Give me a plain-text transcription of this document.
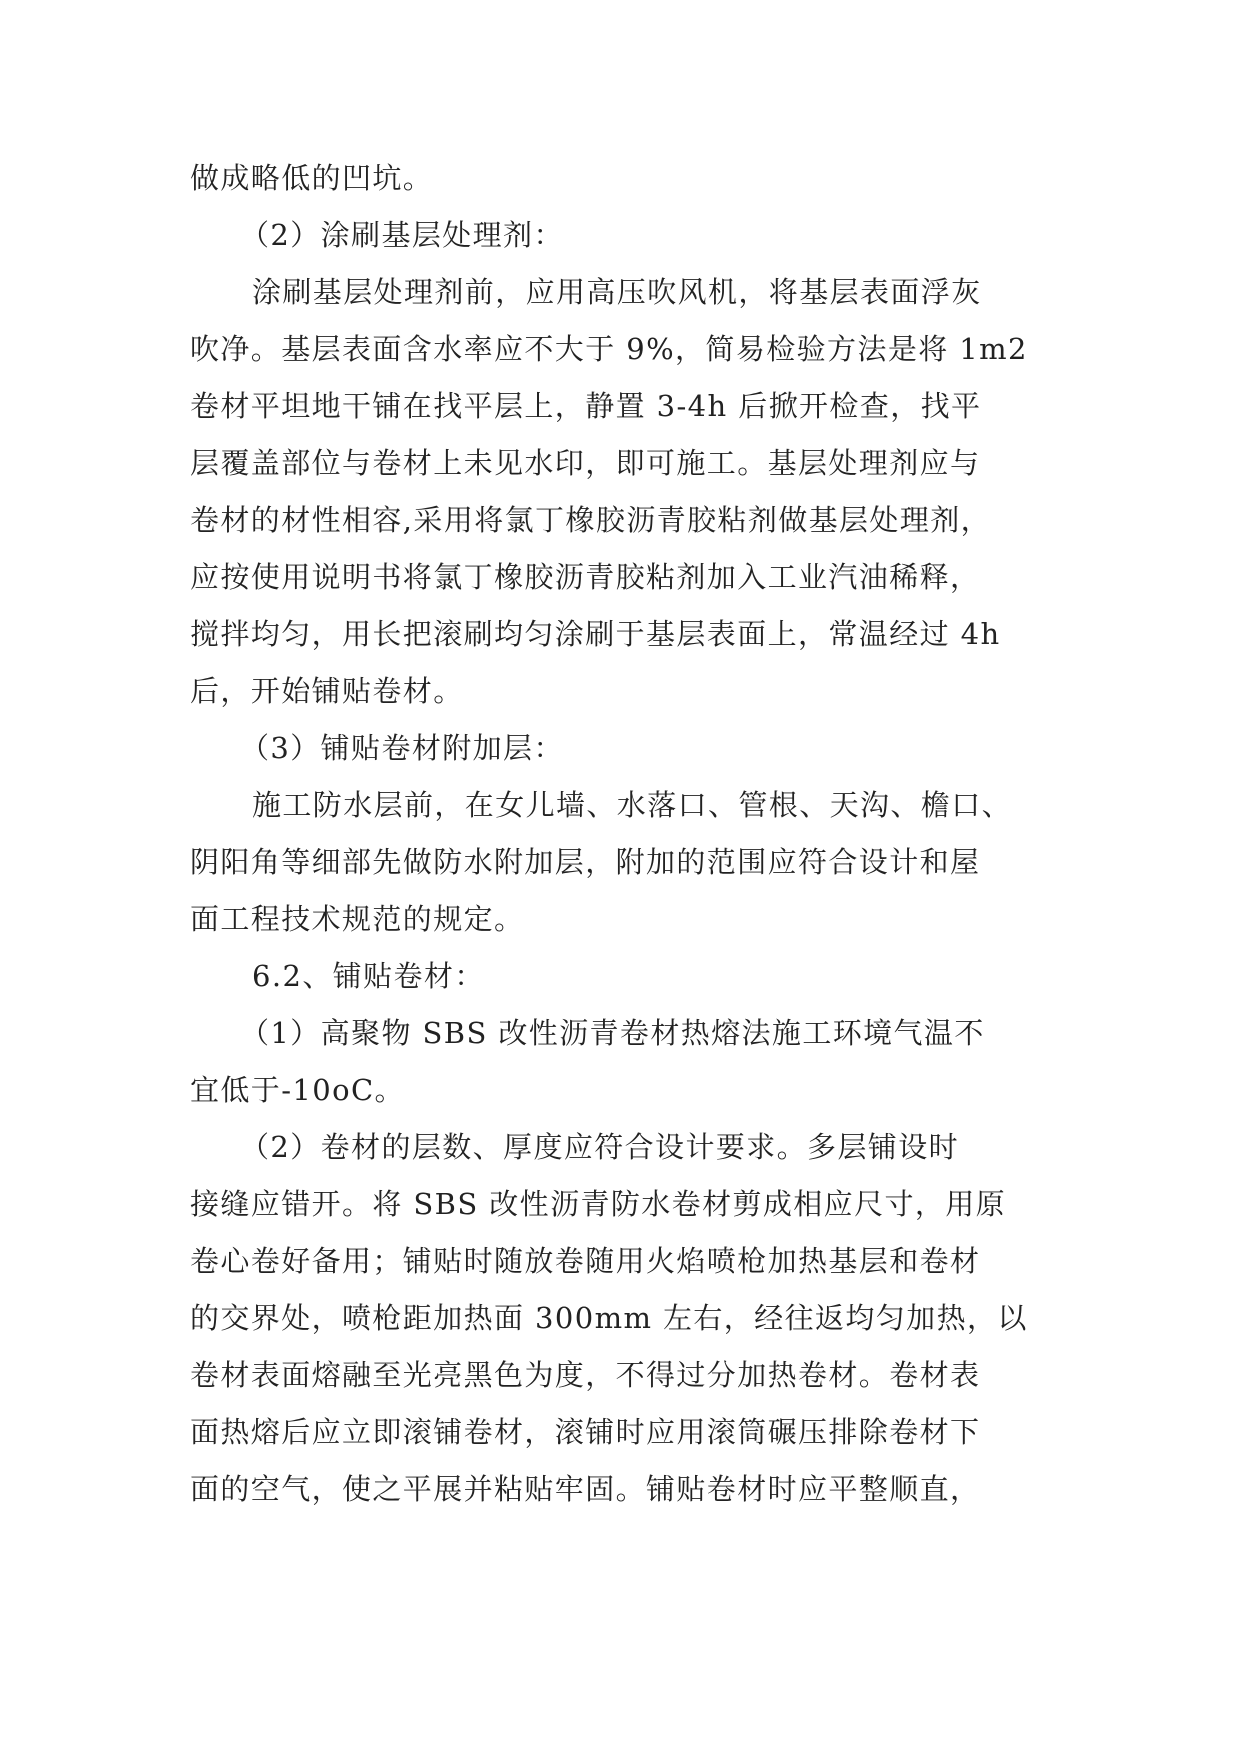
做成略低的凹坑。
（2）涂刷基层处理剂：
涂刷基层处理剂前，应用高压吹风机，将基层表面浮灰
吹净。基层表面含水率应不大于 9%，简易检验方法是将 1m2
卷材平坦地干铺在找平层上，静置 3-4h 后掀开检查，找平
层覆盖部位与卷材上未见水印，即可施工。基层处理剂应与
卷材的材性相容,采用将氯丁橡胶沥青胶粘剂做基层处理剂，
应按使用说明书将氯丁橡胶沥青胶粘剂加入工业汽油稀释，
搅拌均匀，用长把滚刷均匀涂刷于基层表面上，常温经过 4h
后，开始铺贴卷材。
（3）铺贴卷材附加层：
施工防水层前，在女儿墙、水落口、管根、天沟、檐口、
阴阳角等细部先做防水附加层，附加的范围应符合设计和屋
面工程技术规范的规定。
6.2、铺贴卷材：
（1）高聚物 SBS 改性沥青卷材热熔法施工环境气温不
宜低于-10oC。
（2）卷材的层数、厚度应符合设计要求。多层铺设时
接缝应错开。将 SBS 改性沥青防水卷材剪成相应尺寸，用原
卷心卷好备用；铺贴时随放卷随用火焰喷枪加热基层和卷材
的交界处，喷枪距加热面 300mm 左右，经往返均匀加热，以
卷材表面熔融至光亮黑色为度，不得过分加热卷材。卷材表
面热熔后应立即滚铺卷材，滚铺时应用滚筒碾压排除卷材下
面的空气，使之平展并粘贴牢固。铺贴卷材时应平整顺直，
